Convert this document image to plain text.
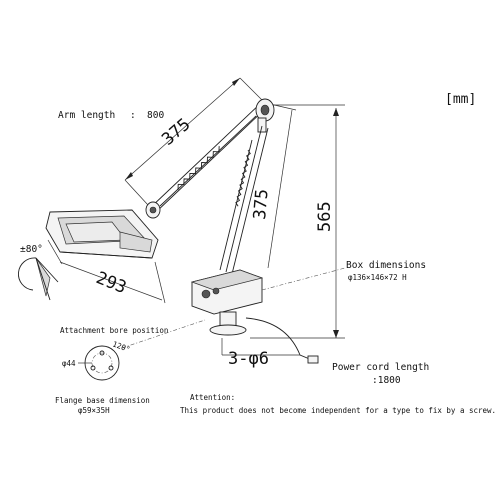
[mm]
Arm length : 800
375
375 565
293
±80°
Box dimensions
φ136×146×72 H
3-φ6	Power cord length
:1800
Attachment bore position
φ44
120°
Flange base dimension
φ59×35H
Attention:
This product does not become independent for a type to fix by a screw.
